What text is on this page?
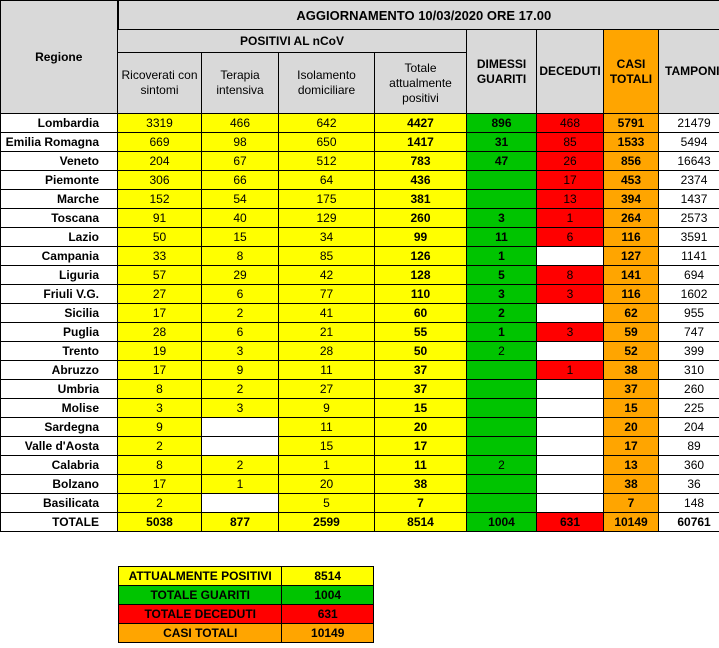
Regione	AGGIORNAMENTO 10/03/2020 ORE 17.00							
	POSITIVI AL nCoV				DIMESSI GUARITI	DECEDUTI	CASI TOTALI	TAMPONI
	Ricoverati con sintomi	Terapia intensiva	Isolamento domiciliare	Totale attualmente positivi				
Lombardia	3319	466	642	4427	896	468	5791	21479
Emilia Romagna	669	98	650	1417	31	85	1533	5494
Veneto	204	67	512	783	47	26	856	16643
Piemonte	306	66	64	436		17	453	2374
Marche	152	54	175	381		13	394	1437
Toscana	91	40	129	260	3	1	264	2573
Lazio	50	15	34	99	11	6	116	3591
Campania	33	8	85	126	1		127	1141
Liguria	57	29	42	128	5	8	141	694
Friuli V.G.	27	6	77	110	3	3	116	1602
Sicilia	17	2	41	60	2		62	955
Puglia	28	6	21	55	1	3	59	747
Trento	19	3	28	50	2		52	399
Abruzzo	17	9	11	37		1	38	310
Umbria	8	2	27	37			37	260
Molise	3	3	9	15			15	225
Sardegna	9		11	20			20	204
Valle d'Aosta	2		15	17			17	89
Calabria	8	2	1	11	2		13	360
Bolzano	17	1	20	38			38	36
Basilicata	2		5	7			7	148
TOTALE	5038	877	2599	8514	1004	631	10149	60761
ATTUALMENTE POSITIVI	8514
TOTALE GUARITI	1004
TOTALE DECEDUTI	631
CASI TOTALI	10149
